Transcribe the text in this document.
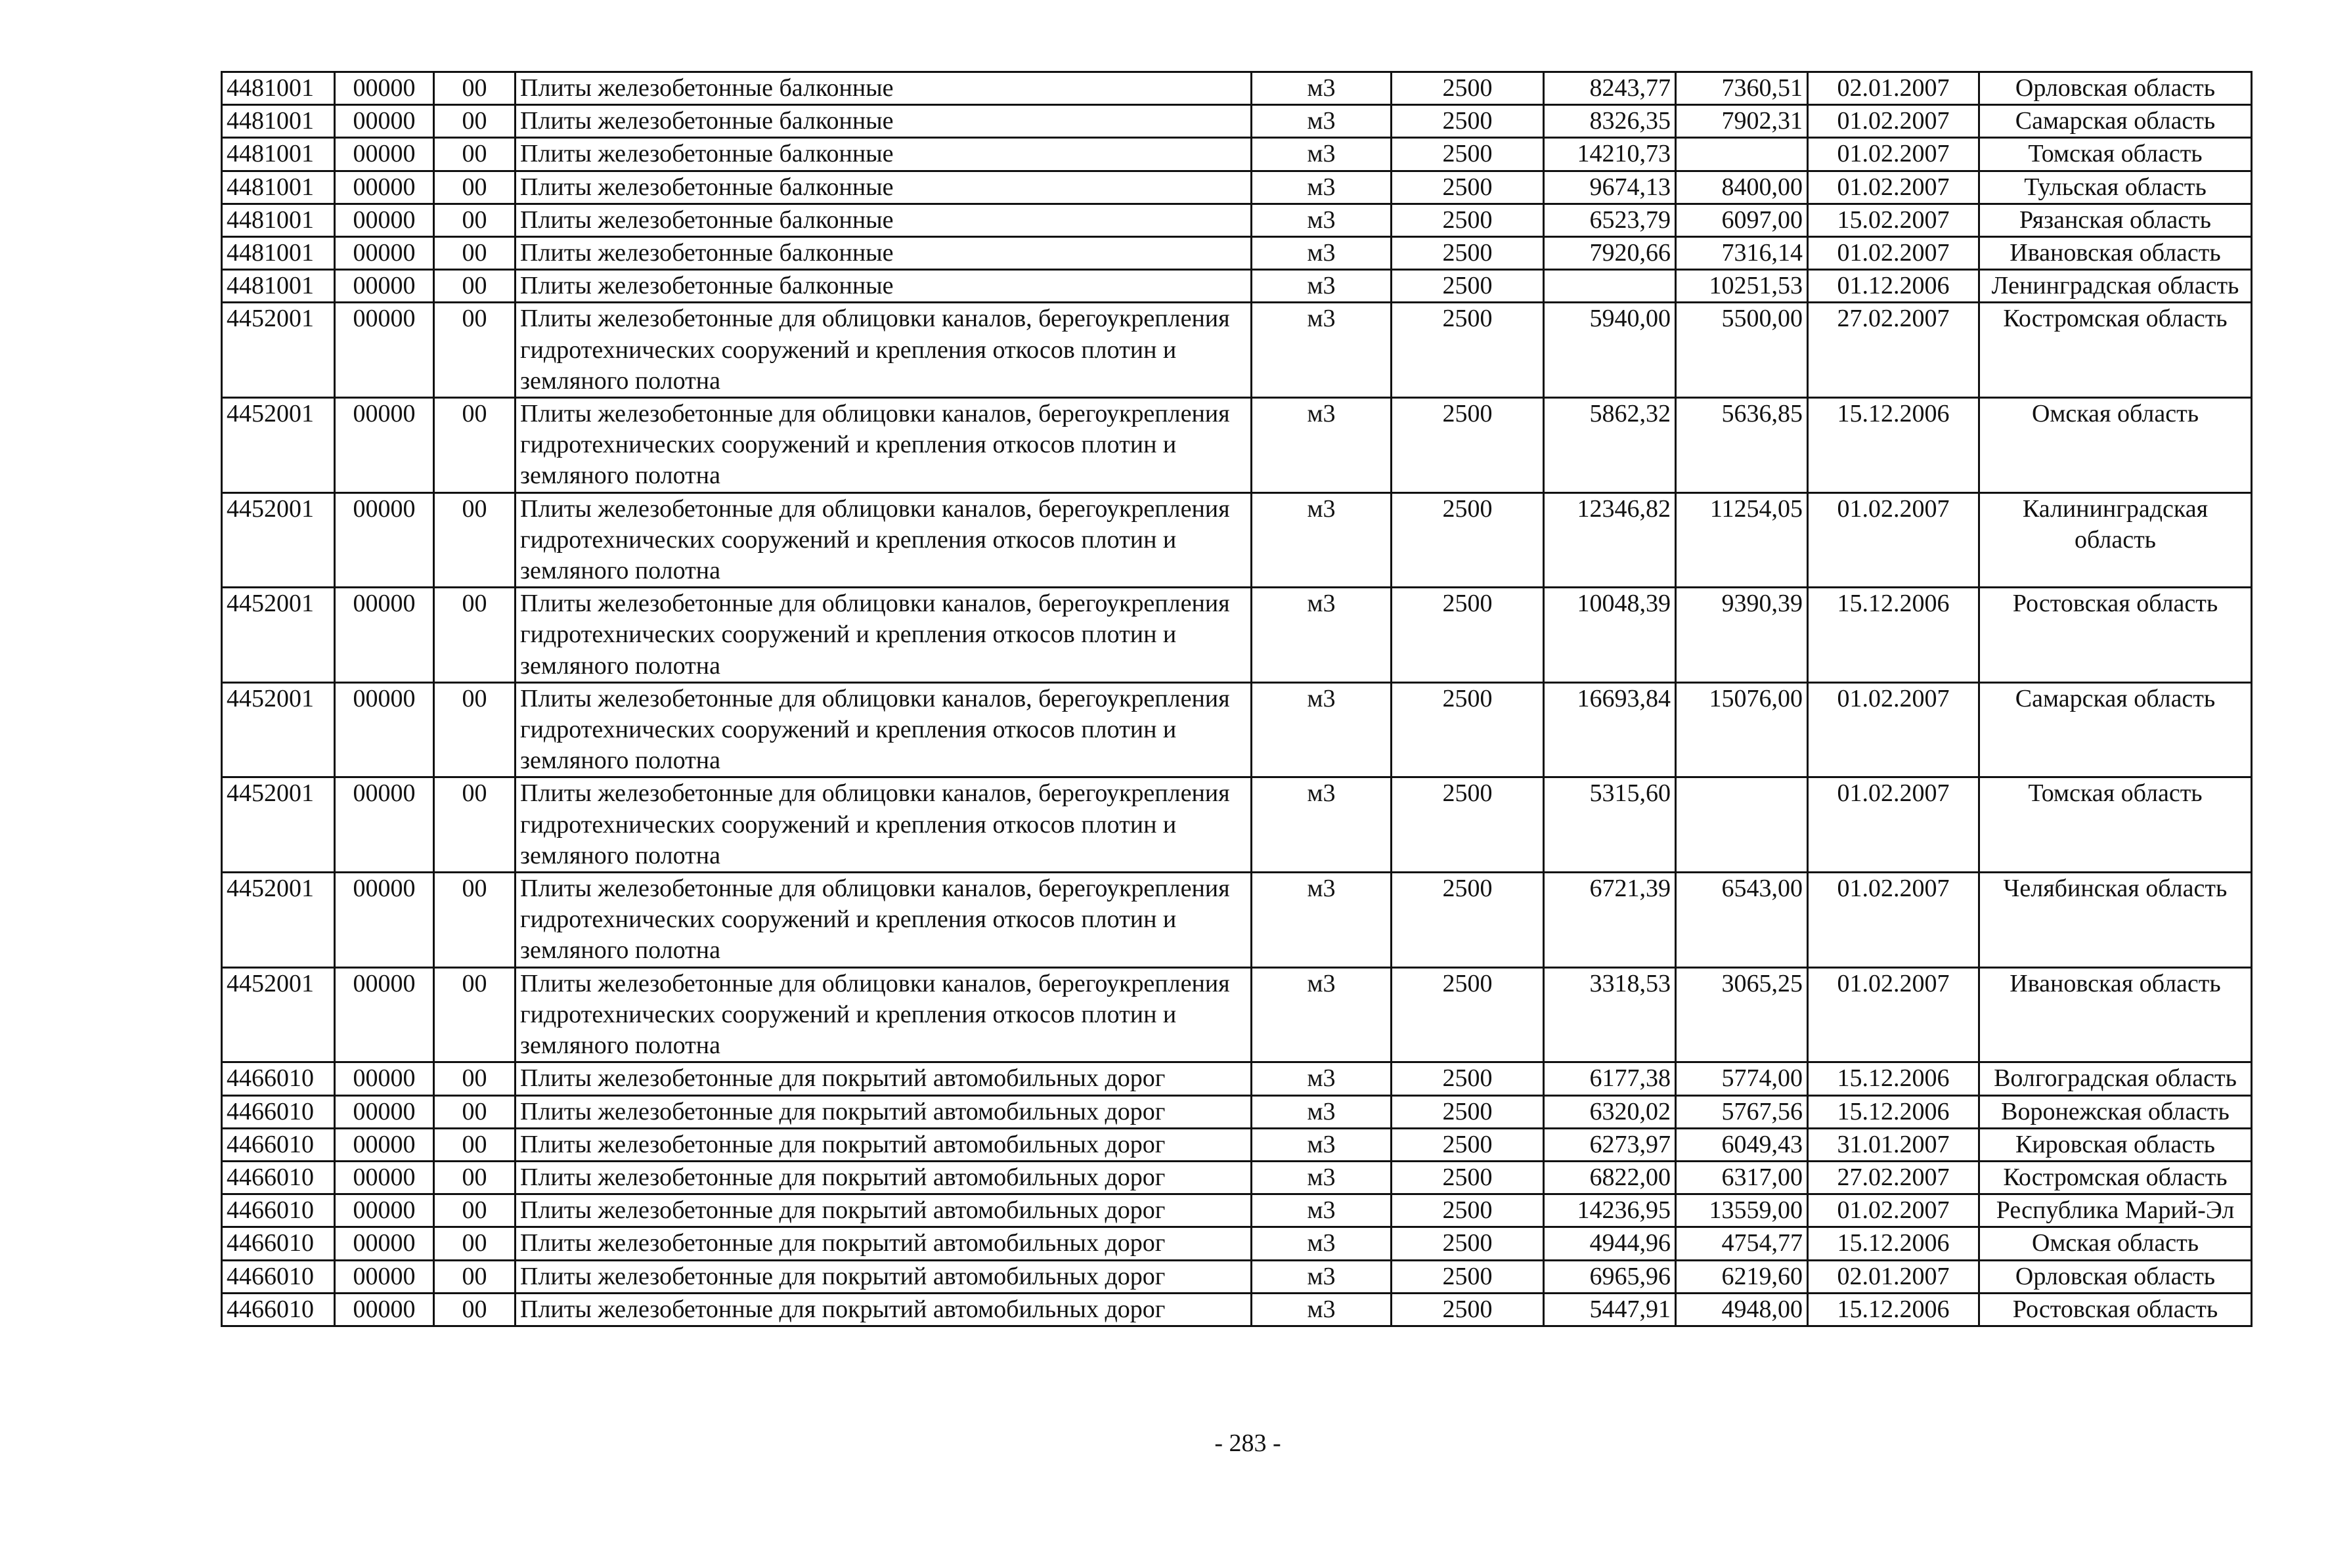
4481001	00000	00	Плиты железобетонные балконные	м3	2500	8243,77	7360,51	02.01.2007	Орловская область
4481001	00000	00	Плиты железобетонные балконные	м3	2500	8326,35	7902,31	01.02.2007	Самарская область
4481001	00000	00	Плиты железобетонные балконные	м3	2500	14210,73		01.02.2007	Томская область
4481001	00000	00	Плиты железобетонные балконные	м3	2500	9674,13	8400,00	01.02.2007	Тульская область
4481001	00000	00	Плиты железобетонные балконные	м3	2500	6523,79	6097,00	15.02.2007	Рязанская область
4481001	00000	00	Плиты железобетонные балконные	м3	2500	7920,66	7316,14	01.02.2007	Ивановская область
4481001	00000	00	Плиты железобетонные балконные	м3	2500		10251,53	01.12.2006	Ленинградская область
4452001	00000	00	Плиты железобетонные для облицовки каналов, берегоукрепления гидротехнических сооружений и крепления откосов плотин и земляного полотна	м3	2500	5940,00	5500,00	27.02.2007	Костромская область
4452001	00000	00	Плиты железобетонные для облицовки каналов, берегоукрепления гидротехнических сооружений и крепления откосов плотин и земляного полотна	м3	2500	5862,32	5636,85	15.12.2006	Омская область
4452001	00000	00	Плиты железобетонные для облицовки каналов, берегоукрепления гидротехнических сооружений и крепления откосов плотин и земляного полотна	м3	2500	12346,82	11254,05	01.02.2007	Калининградская область
4452001	00000	00	Плиты железобетонные для облицовки каналов, берегоукрепления гидротехнических сооружений и крепления откосов плотин и земляного полотна	м3	2500	10048,39	9390,39	15.12.2006	Ростовская область
4452001	00000	00	Плиты железобетонные для облицовки каналов, берегоукрепления гидротехнических сооружений и крепления откосов плотин и земляного полотна	м3	2500	16693,84	15076,00	01.02.2007	Самарская область
4452001	00000	00	Плиты железобетонные для облицовки каналов, берегоукрепления гидротехнических сооружений и крепления откосов плотин и земляного полотна	м3	2500	5315,60		01.02.2007	Томская область
4452001	00000	00	Плиты железобетонные для облицовки каналов, берегоукрепления гидротехнических сооружений и крепления откосов плотин и земляного полотна	м3	2500	6721,39	6543,00	01.02.2007	Челябинская область
4452001	00000	00	Плиты железобетонные для облицовки каналов, берегоукрепления гидротехнических сооружений и крепления откосов плотин и земляного полотна	м3	2500	3318,53	3065,25	01.02.2007	Ивановская область
4466010	00000	00	Плиты железобетонные для покрытий автомобильных дорог	м3	2500	6177,38	5774,00	15.12.2006	Волгоградская область
4466010	00000	00	Плиты железобетонные для покрытий автомобильных дорог	м3	2500	6320,02	5767,56	15.12.2006	Воронежская область
4466010	00000	00	Плиты железобетонные для покрытий автомобильных дорог	м3	2500	6273,97	6049,43	31.01.2007	Кировская область
4466010	00000	00	Плиты железобетонные для покрытий автомобильных дорог	м3	2500	6822,00	6317,00	27.02.2007	Костромская область
4466010	00000	00	Плиты железобетонные для покрытий автомобильных дорог	м3	2500	14236,95	13559,00	01.02.2007	Республика Марий-Эл
4466010	00000	00	Плиты железобетонные для покрытий автомобильных дорог	м3	2500	4944,96	4754,77	15.12.2006	Омская область
4466010	00000	00	Плиты железобетонные для покрытий автомобильных дорог	м3	2500	6965,96	6219,60	02.01.2007	Орловская область
4466010	00000	00	Плиты железобетонные для покрытий автомобильных дорог	м3	2500	5447,91	4948,00	15.12.2006	Ростовская область
- 283 -
